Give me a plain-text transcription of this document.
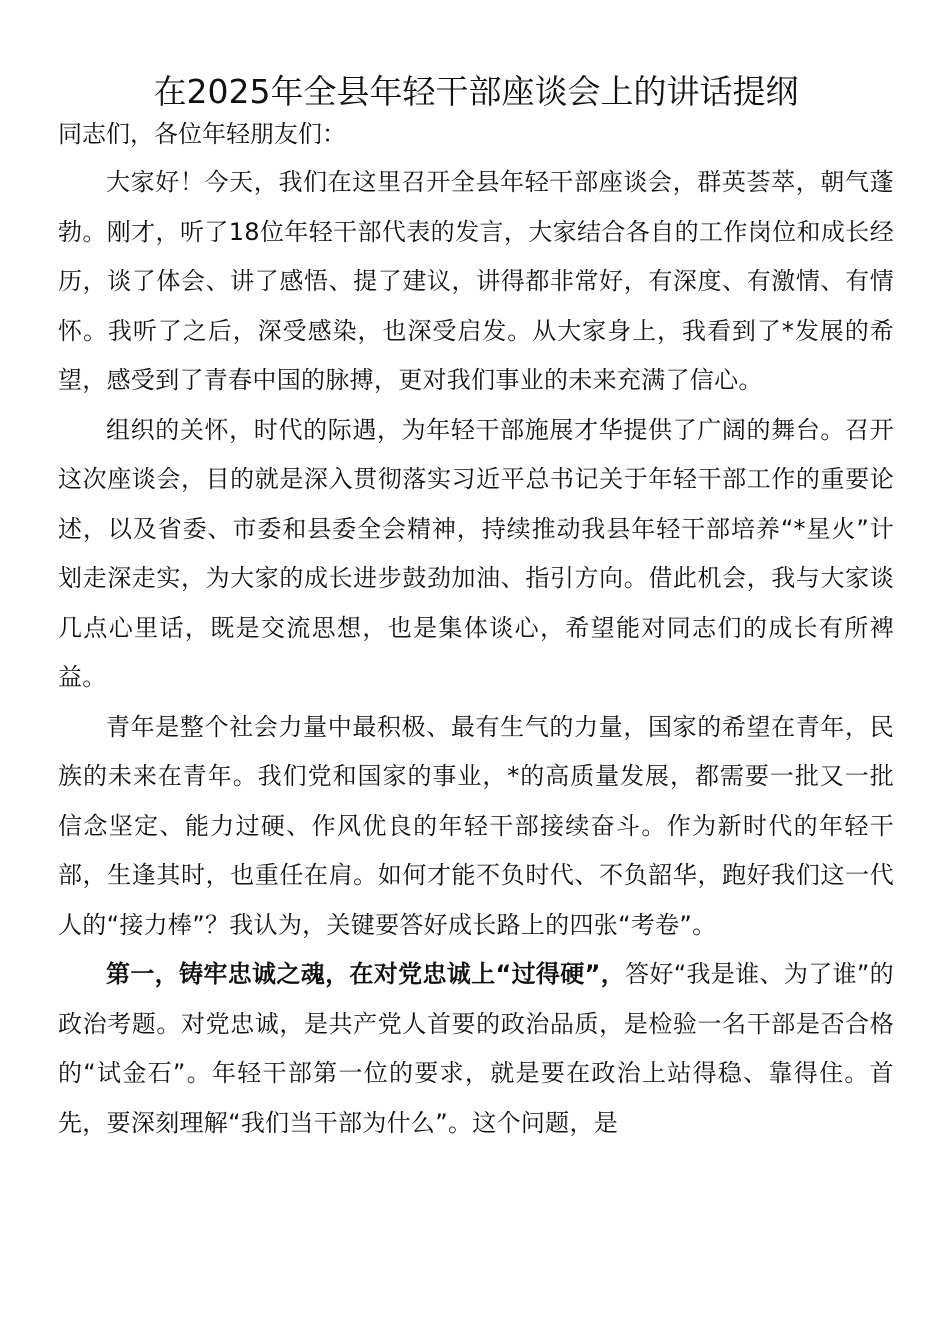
在2025年全县年轻干部座谈会上的讲话提纲

同志们，各位年轻朋友们：

大家好！今天，我们在这里召开全县年轻干部座谈会，群英荟萃，朝气蓬勃。刚才，听了18位年轻干部代表的发言，大家结合各自的工作岗位和成长经历，谈了体会、讲了感悟、提了建议，讲得都非常好，有深度、有激情、有情怀。我听了之后，深受感染，也深受启发。从大家身上，我看到了*发展的希望，感受到了青春中国的脉搏，更对我们事业的未来充满了信心。

组织的关怀，时代的际遇，为年轻干部施展才华提供了广阔的舞台。召开这次座谈会，目的就是深入贯彻落实习近平总书记关于年轻干部工作的重要论述，以及省委、市委和县委全会精神，持续推动我县年轻干部培养“*星火”计划走深走实，为大家的成长进步鼓劲加油、指引方向。借此机会，我与大家谈几点心里话，既是交流思想，也是集体谈心，希望能对同志们的成长有所裨益。

青年是整个社会力量中最积极、最有生气的力量，国家的希望在青年，民族的未来在青年。我们党和国家的事业，*的高质量发展，都需要一批又一批信念坚定、能力过硬、作风优良的年轻干部接续奋斗。作为新时代的年轻干部，生逢其时，也重任在肩。如何才能不负时代、不负韶华，跑好我们这一代人的“接力棒”？我认为，关键要答好成长路上的四张“考卷”。

第一，铸牢忠诚之魂，在对党忠诚上“过得硬”，答好“我是谁、为了谁”的政治考题。对党忠诚，是共产党人首要的政治品质，是检验一名干部是否合格的“试金石”。年轻干部第一位的要求，就是要在政治上站得稳、靠得住。首先，要深刻理解“我们当干部为什么”。这个问题，是
